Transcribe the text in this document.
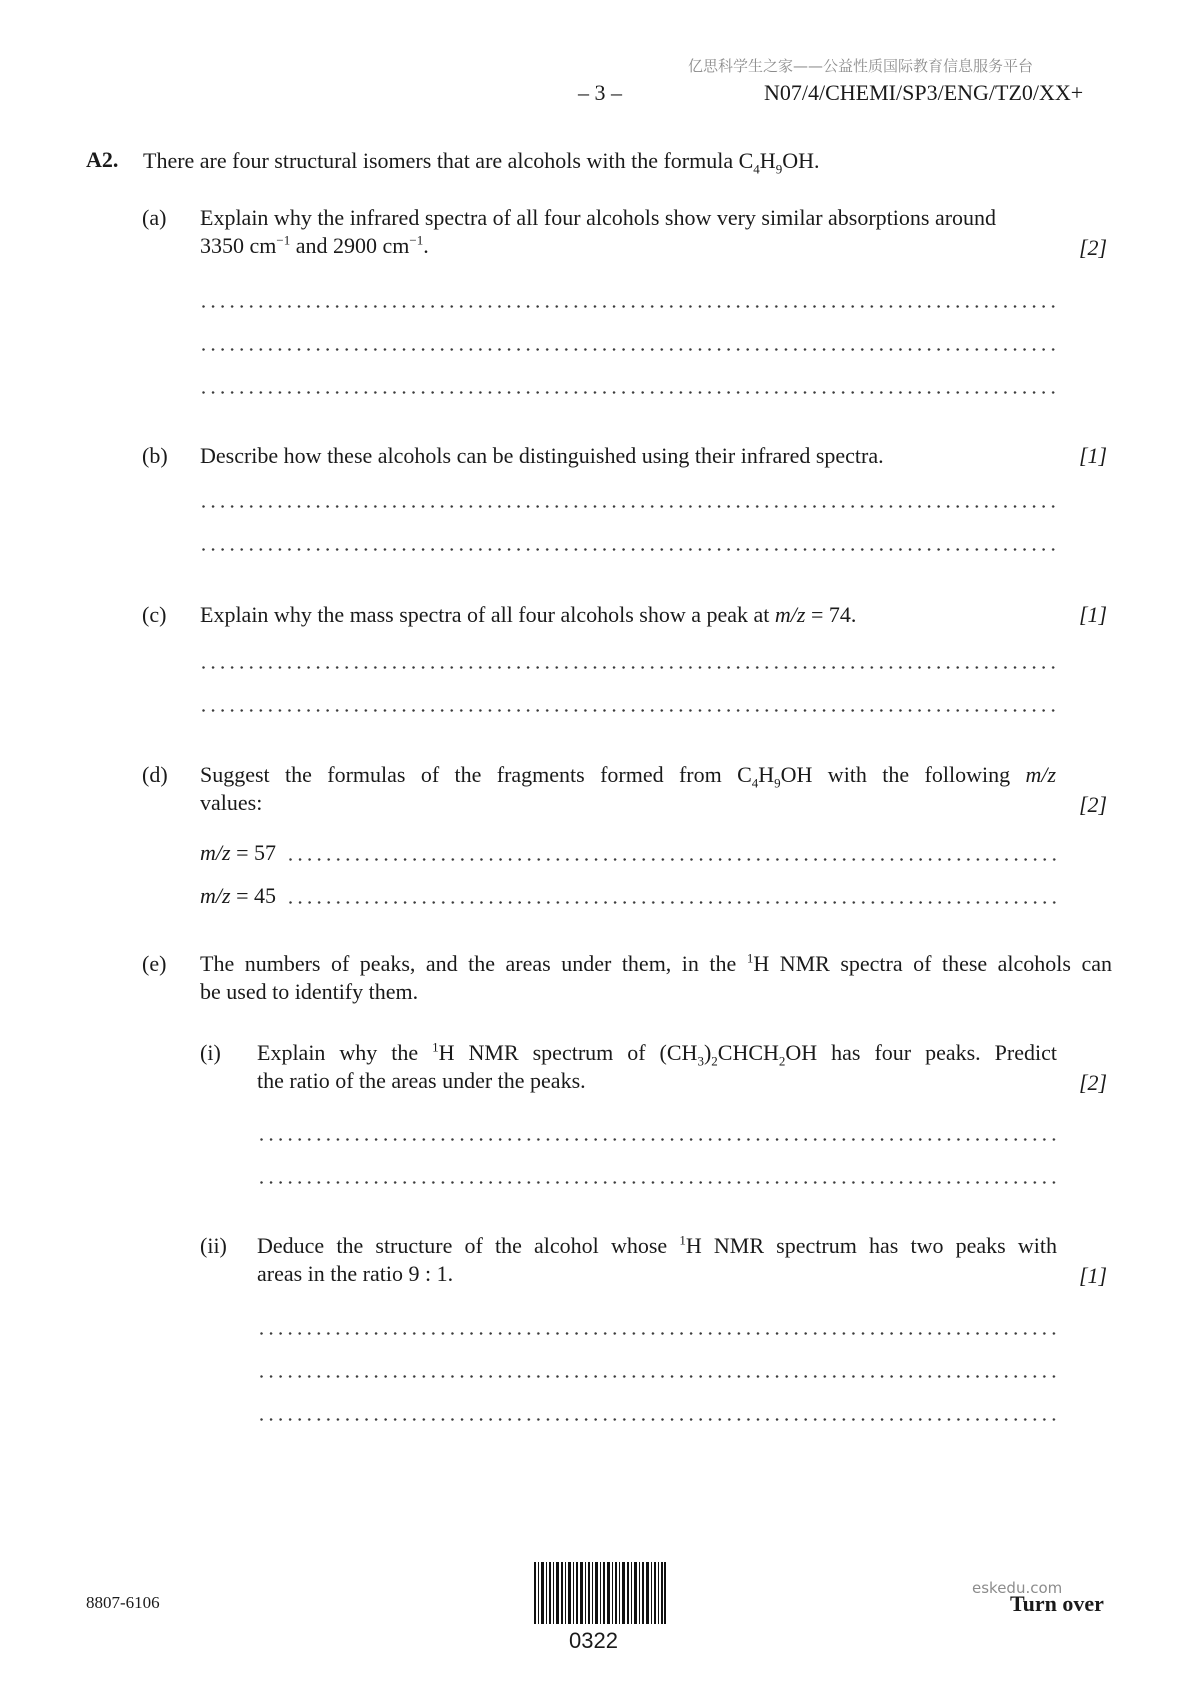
亿思科学生之家——公益性质国际教育信息服务平台
– 3 –	N07/4/CHEMI/SP3/ENG/TZ0/XX+
A2. There are four structural isomers that are alcohols with the formula $C_4H_9OH$.
(a) Explain why the infrared spectra of all four alcohols show very similar absorptions around
3350 $cm^{-1}$ and 2900 $cm^{-1}$.	[2]
(b) Describe how these alcohols can be distinguished using their infrared spectra.	[1]
(c) Explain why the mass spectra of all four alcohols show a peak at m/z = 74.	[1]
(d) Suggest the formulas of the fragments formed from $C_4H_9OH$ with the following m/z
values:	[2]
m/z = 57
m/z = 45
(e) The numbers of peaks, and the areas under them, in the $^1$H NMR spectra of these alcohols can
be used to identify them.
(i) Explain why the $^1$H NMR spectrum of $(CH_3)_2CHCH_2OH$ has four peaks. Predict
the ratio of the areas under the peaks.	[2]
(ii) Deduce the structure of the alcohol whose $^1$H NMR spectrum has two peaks with
areas in the ratio 9 : 1.	[1]
8807-6106
0322
eskedu.com
Turn over
